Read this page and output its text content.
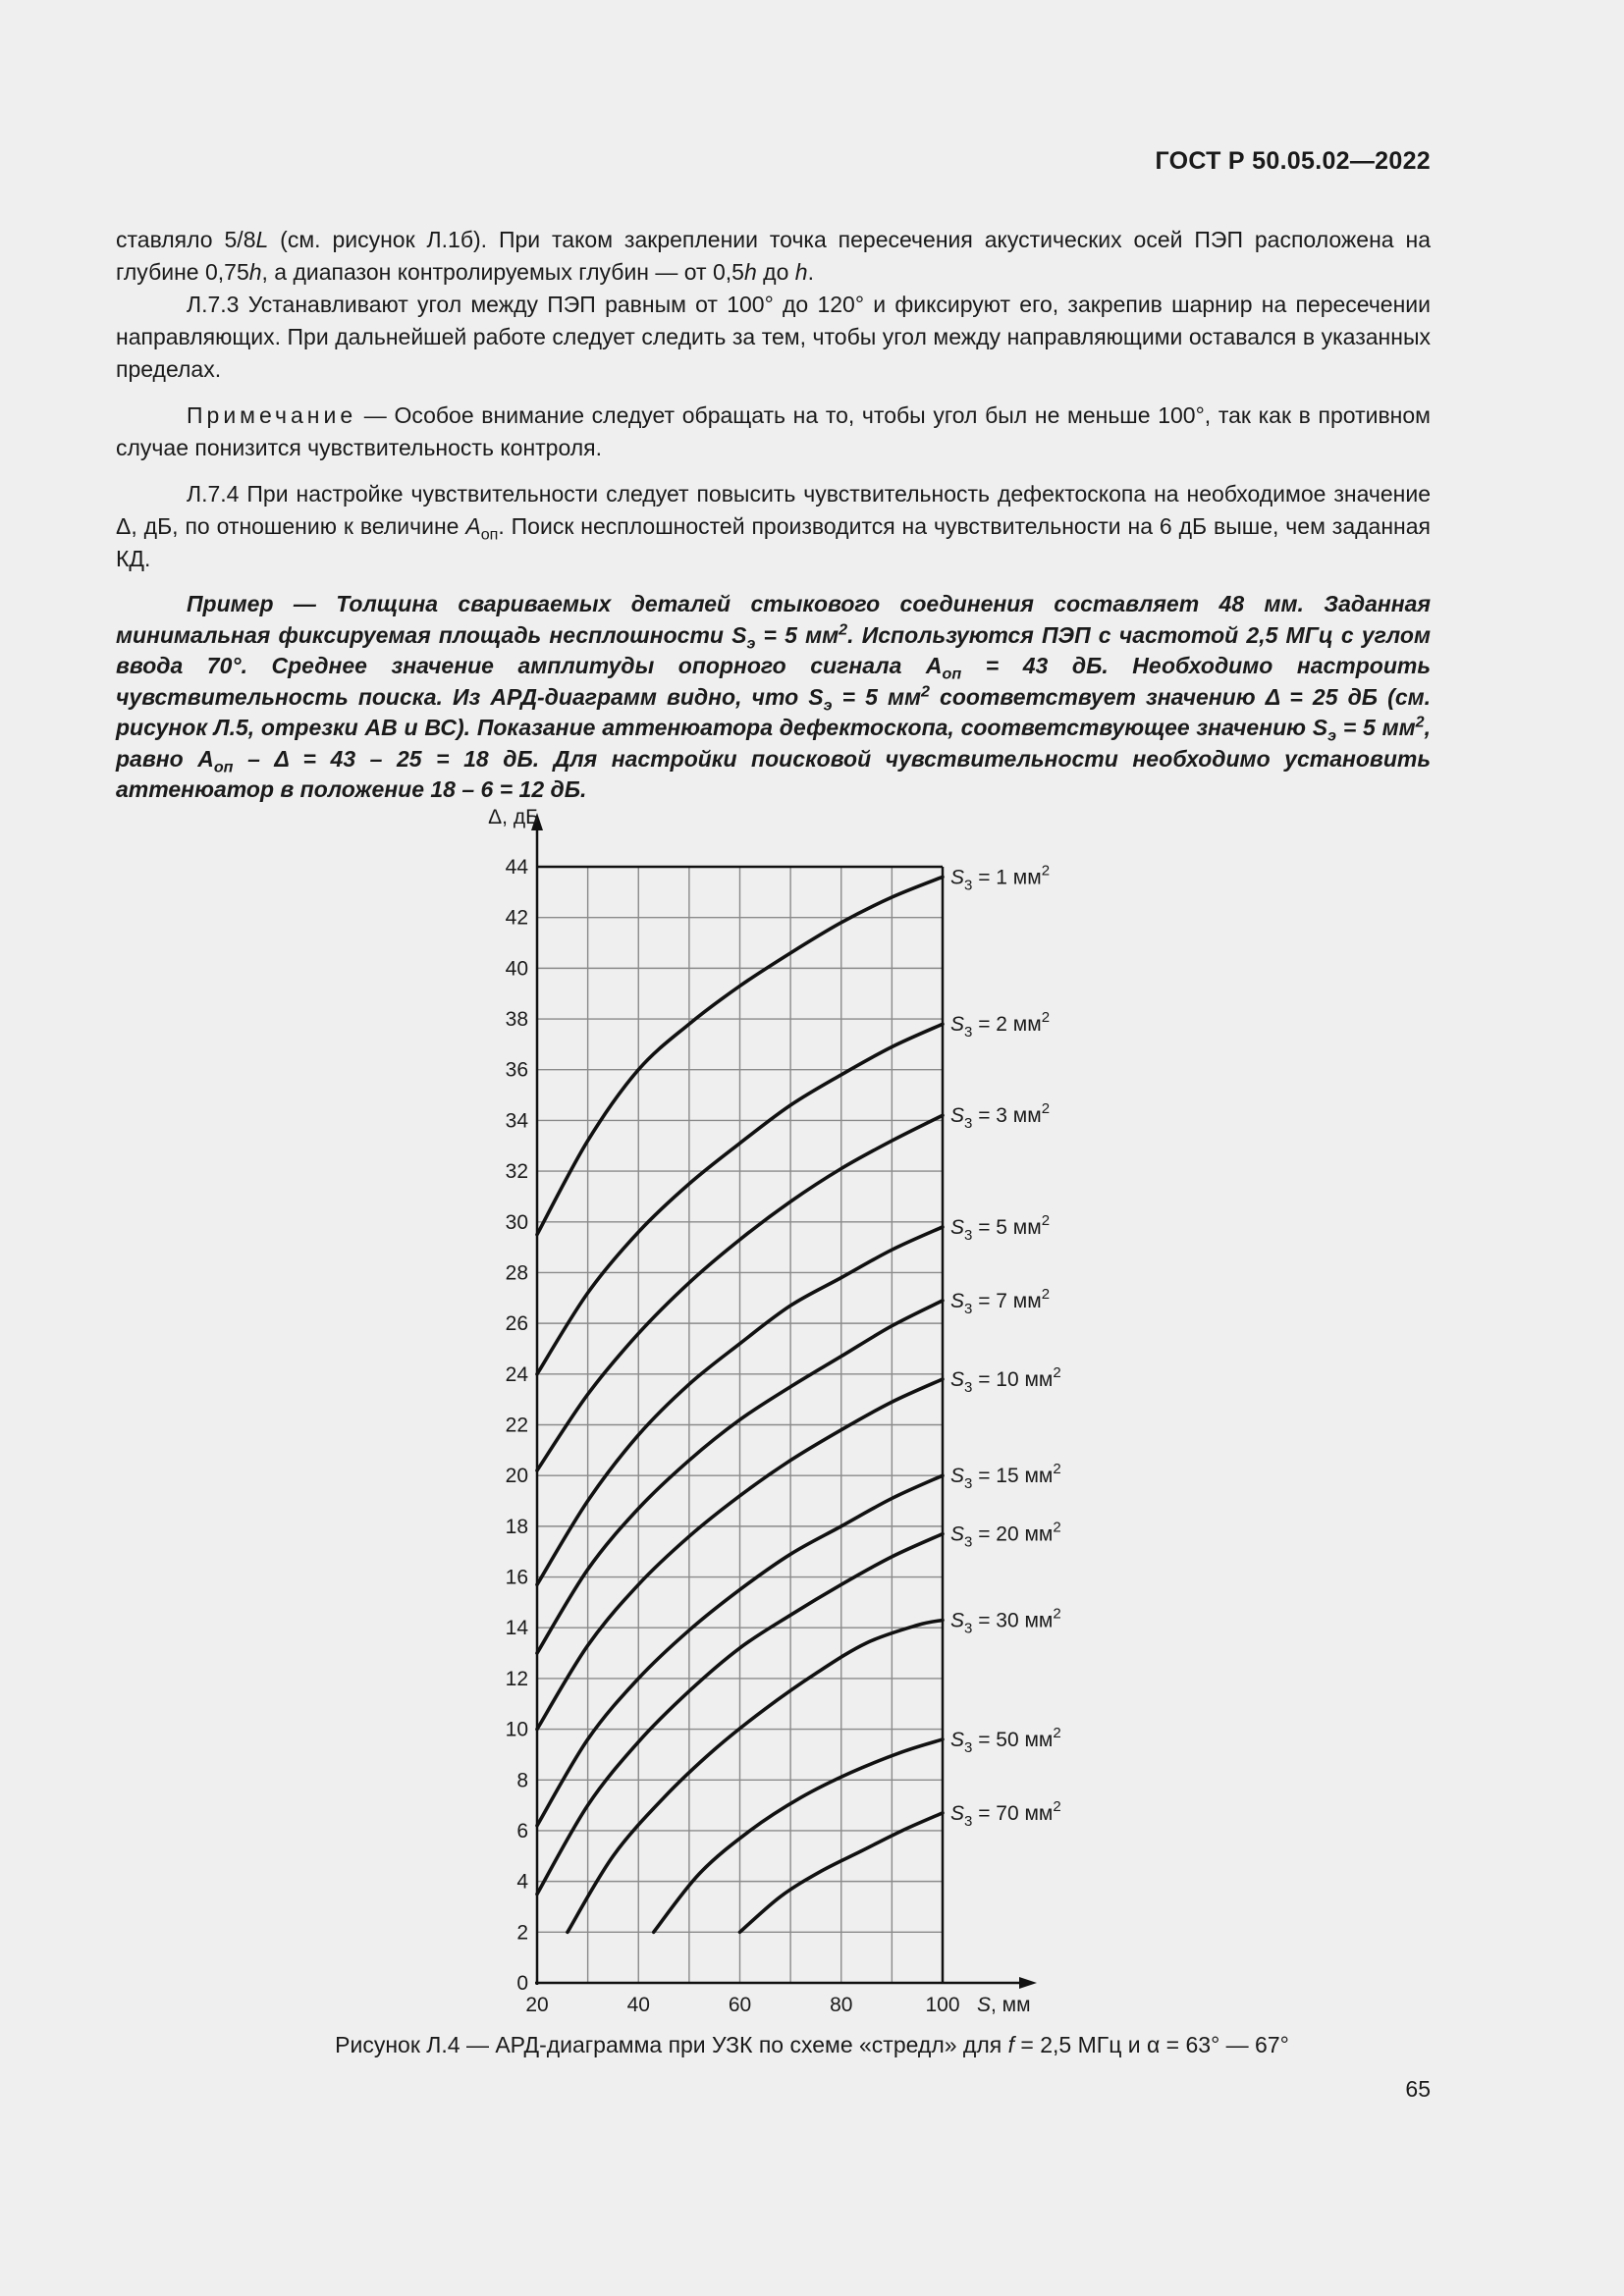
ГОСТ Р 50.05.02—2022

ставляло 5/8L (см. рисунок Л.1б). При таком закреплении точка пересечения акустических осей ПЭП расположена на глубине 0,75h, а диапазон контролируемых глубин — от 0,5h до h.

Л.7.3 Устанавливают угол между ПЭП равным от 100° до 120° и фиксируют его, закрепив шарнир на пересечении направляющих. При дальнейшей работе следует следить за тем, чтобы угол между направляющими оставался в указанных пределах.

Примечание — Особое внимание следует обращать на то, чтобы угол был не меньше 100°, так как в противном случае понизится чувствительность контроля.

Л.7.4 При настройке чувствительности следует повысить чувствительность дефектоскопа на необходимое значение Δ, дБ, по отношению к величине $A_{оп}$. Поиск несплошностей производится на чувствительности на 6 дБ выше, чем заданная КД.

Пример — Толщина свариваемых деталей стыкового соединения составляет 48 мм. Заданная минимальная фиксируемая площадь несплошности $S_э = 5$ $мм^2$. Используются ПЭП с частотой 2,5 МГц с углом ввода 70°. Среднее значение амплитуды опорного сигнала $A_{оп} = 43$ дБ. Необходимо настроить чувствительность поиска. Из АРД-диаграмм видно, что $S_э = 5$ $мм^2$ соответствует значению Δ = 25 дБ (см. рисунок Л.5, отрезки АВ и ВС). Показание аттенюатора дефектоскопа, соответствующее значению $S_э = 5$ $мм^2$, равно $A_{оп} - \Delta = 43 - 25 = 18$ дБ. Для настройки поисковой чувствительности необходимо установить аттенюатор в положение 18 – 6 = 12 дБ.

0
2
4
6
8
10
12
14
16
18
20
22
24
26
28
30
32
34
36
38
40
42
44
20	40	60	80	100
Δ, дБ
S, мм
$S_3 = 1$ $мм^2$
$S_3 = 2$ $мм^2$
$S_3 = 3$ $мм^2$
$S_3 = 5$ $мм^2$
$S_3 = 7$ $мм^2$
$S_3 = 10$ $мм^2$
$S_3 = 15$ $мм^2$
$S_3 = 20$ $мм^2$
$S_3 = 30$ $мм^2$
$S_3 = 50$ $мм^2$
$S_3 = 70$ $мм^2$
Рисунок Л.4 — АРД-диаграмма при УЗК по схеме «стредл» для f = 2,5 МГц и α = 63° — 67°
65
